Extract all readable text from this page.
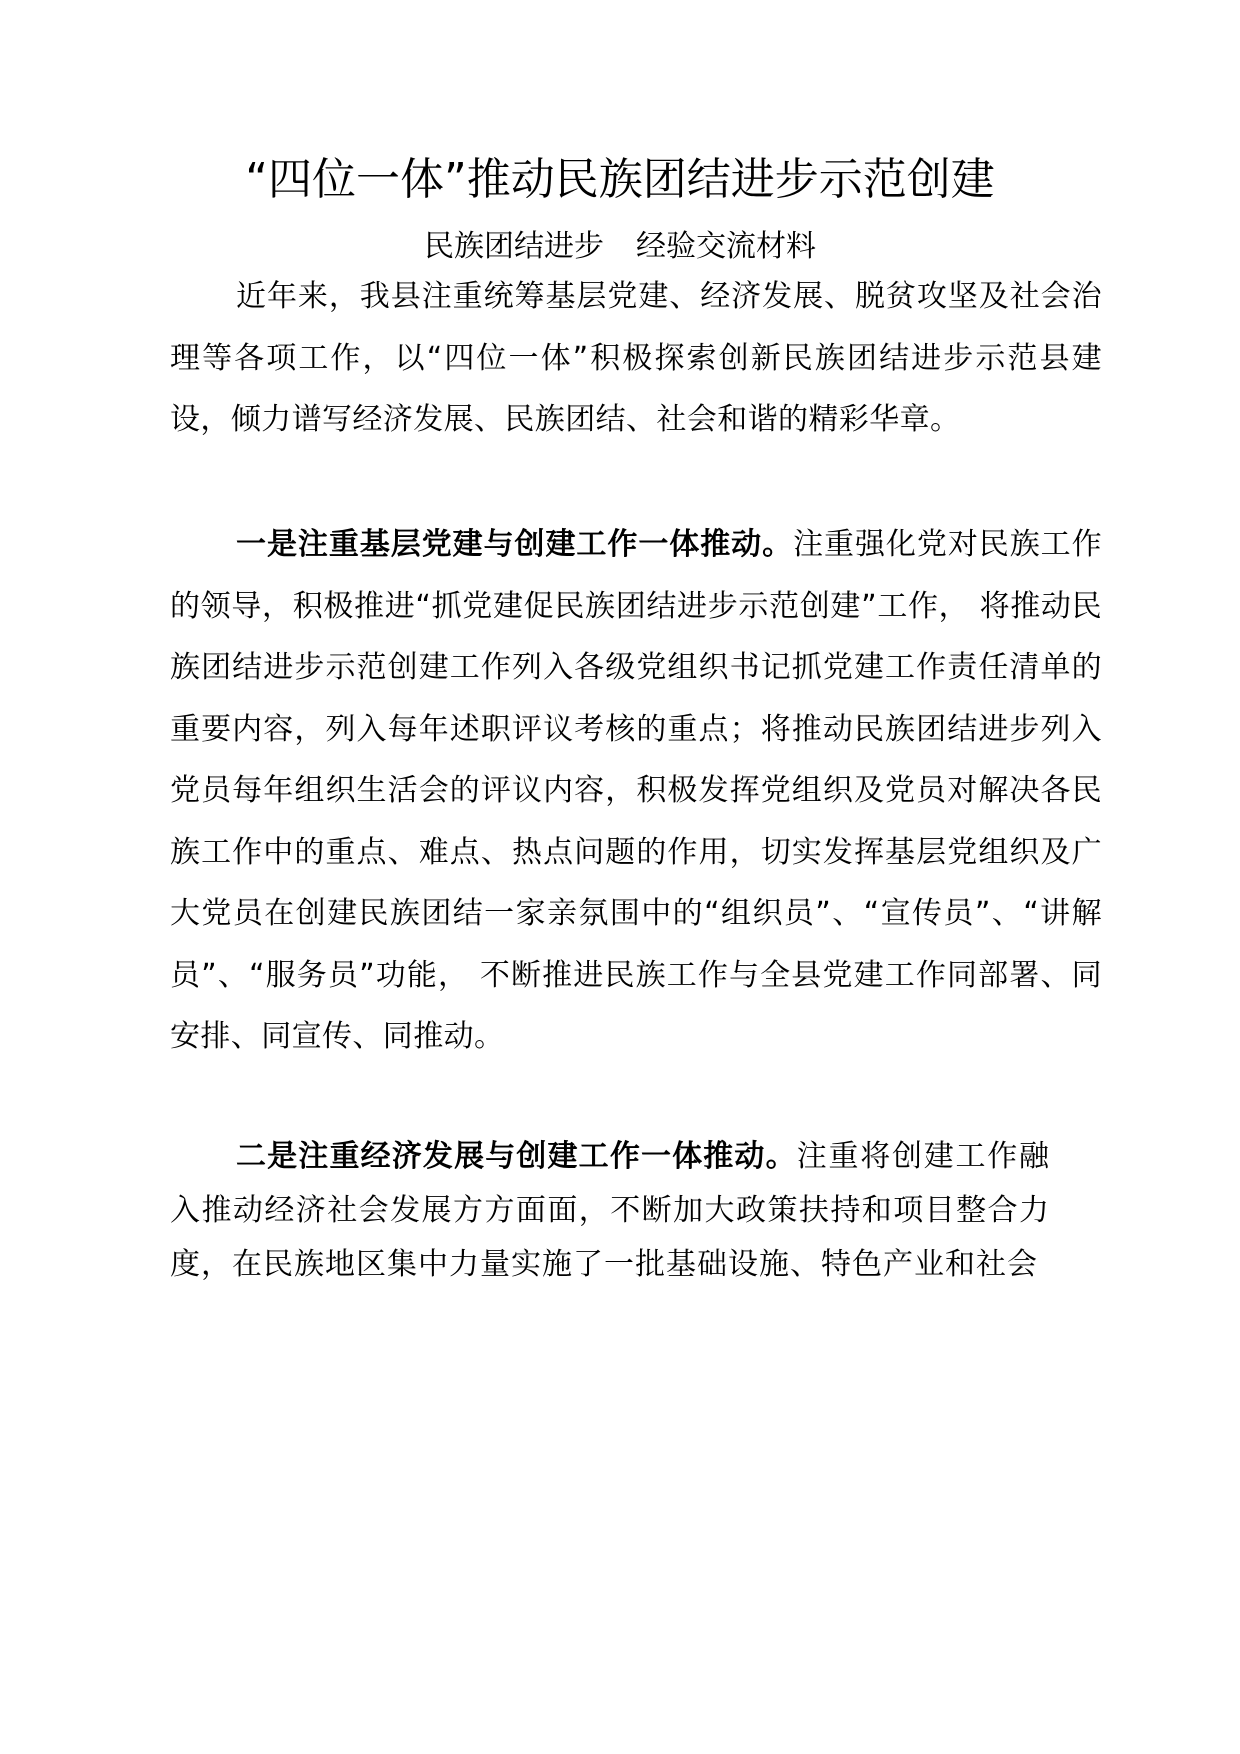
“四位一体”推动民族团结进步示范创建
民族团结进步 经验交流材料

近年来，我县注重统筹基层党建、经济发展、脱贫攻坚及社会治理等各项工作，以“四位一体”积极探索创新民族团结进步示范县建设，倾力谱写经济发展、民族团结、社会和谐的精彩华章。

一是注重基层党建与创建工作一体推动。注重强化党对民族工作的领导，积极推进“抓党建促民族团结进步示范创建”工作， 将推动民族团结进步示范创建工作列入各级党组织书记抓党建工作责任清单的重要内容，列入每年述职评议考核的重点；将推动民族团结进步列入党员每年组织生活会的评议内容，积极发挥党组织及党员对解决各民族工作中的重点、难点、热点问题的作用，切实发挥基层党组织及广大党员在创建民族团结一家亲氛围中的“组织员”、“宣传员”、“讲解员”、“服务员”功能， 不断推进民族工作与全县党建工作同部署、同安排、同宣传、同推动。

二是注重经济发展与创建工作一体推动。注重将创建工作融入推动经济社会发展方方面面，不断加大政策扶持和项目整合力度，在民族地区集中力量实施了一批基础设施、特色产业和社会
